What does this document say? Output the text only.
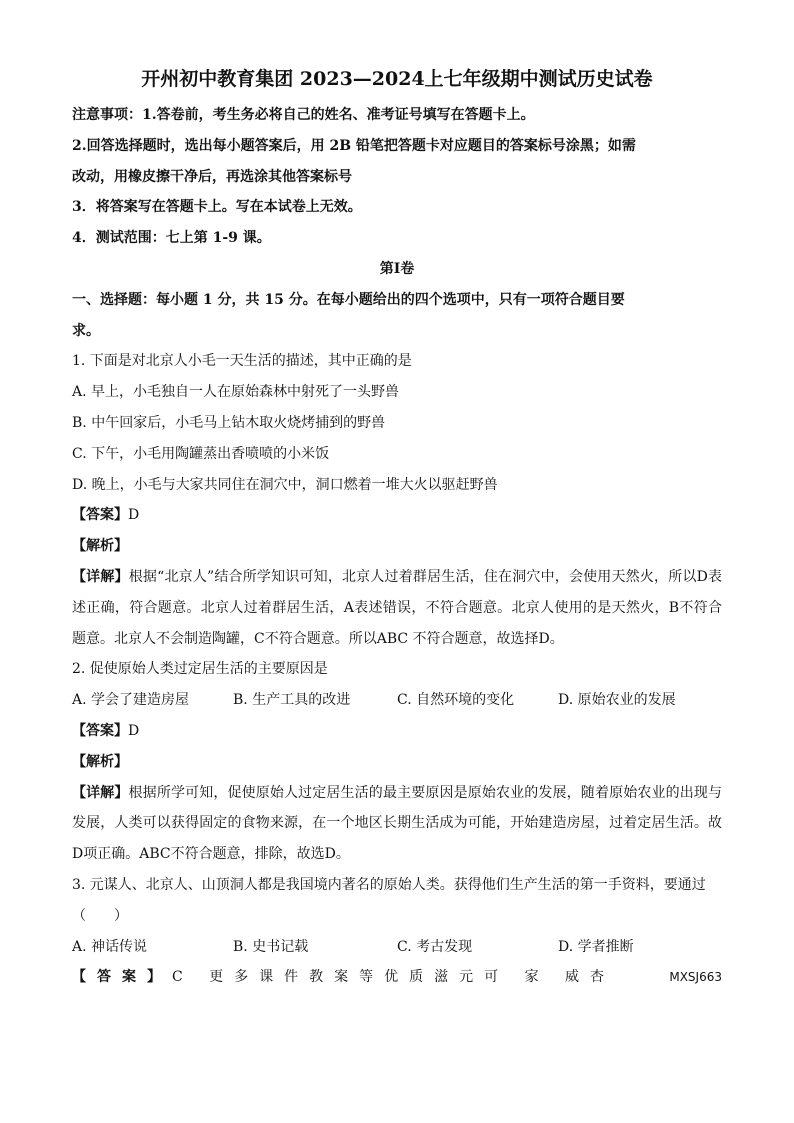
开州初中教育集团 2023—2024上七年级期中测试历史试卷
注意事项：1.答卷前，考生务必将自己的姓名、准考证号填写在答题卡上。
2.回答选择题时，选出每小题答案后，用 2B 铅笔把答题卡对应题目的答案标号涂黑；如需
改动，用橡皮擦干净后，再选涂其他答案标号
3．将答案写在答题卡上。写在本试卷上无效。
4．测试范围：七上第 1-9 课。
第Ⅰ卷
一、选择题：每小题 1 分，共 15 分。在每小题给出的四个选项中，只有一项符合题目要
求。
1. 下面是对北京人小毛一天生活的描述，其中正确的是
A. 早上，小毛独自一人在原始森林中射死了一头野兽
B. 中午回家后，小毛马上钻木取火烧烤捕到的野兽
C. 下午，小毛用陶罐蒸出香喷喷的小米饭
D. 晚上，小毛与大家共同住在洞穴中，洞口燃着一堆大火以驱赶野兽
【答案】D
【解析】
【详解】根据“北京人”结合所学知识可知，北京人过着群居生活，住在洞穴中，会使用天然火，所以D表述正确，符合题意。北京人过着群居生活，A表述错误，不符合题意。北京人使用的是天然火，B不符合题意。北京人不会制造陶罐，C不符合题意。所以ABC 不符合题意，故选择D。
2. 促使原始人类过定居生活的主要原因是
A. 学会了建造房屋	B. 生产工具的改进	C. 自然环境的变化	D. 原始农业的发展
【答案】D
【解析】
【详解】根据所学可知，促使原始人过定居生活的最主要原因是原始农业的发展，随着原始农业的出现与发展，人类可以获得固定的食物来源，在一个地区长期生活成为可能，开始建造房屋，过着定居生活。故D项正确。ABC不符合题意，排除，故选D。
3. 元谋人、北京人、山顶洞人都是我国境内著名的原始人类。获得他们生产生活的第一手资料，要通过
（　　）
A. 神话传说	B. 史书记载	C. 考古发现	D. 学者推断
【答案】C 更多课件教案等优质滋元可 家 威杏	MXSJ663
